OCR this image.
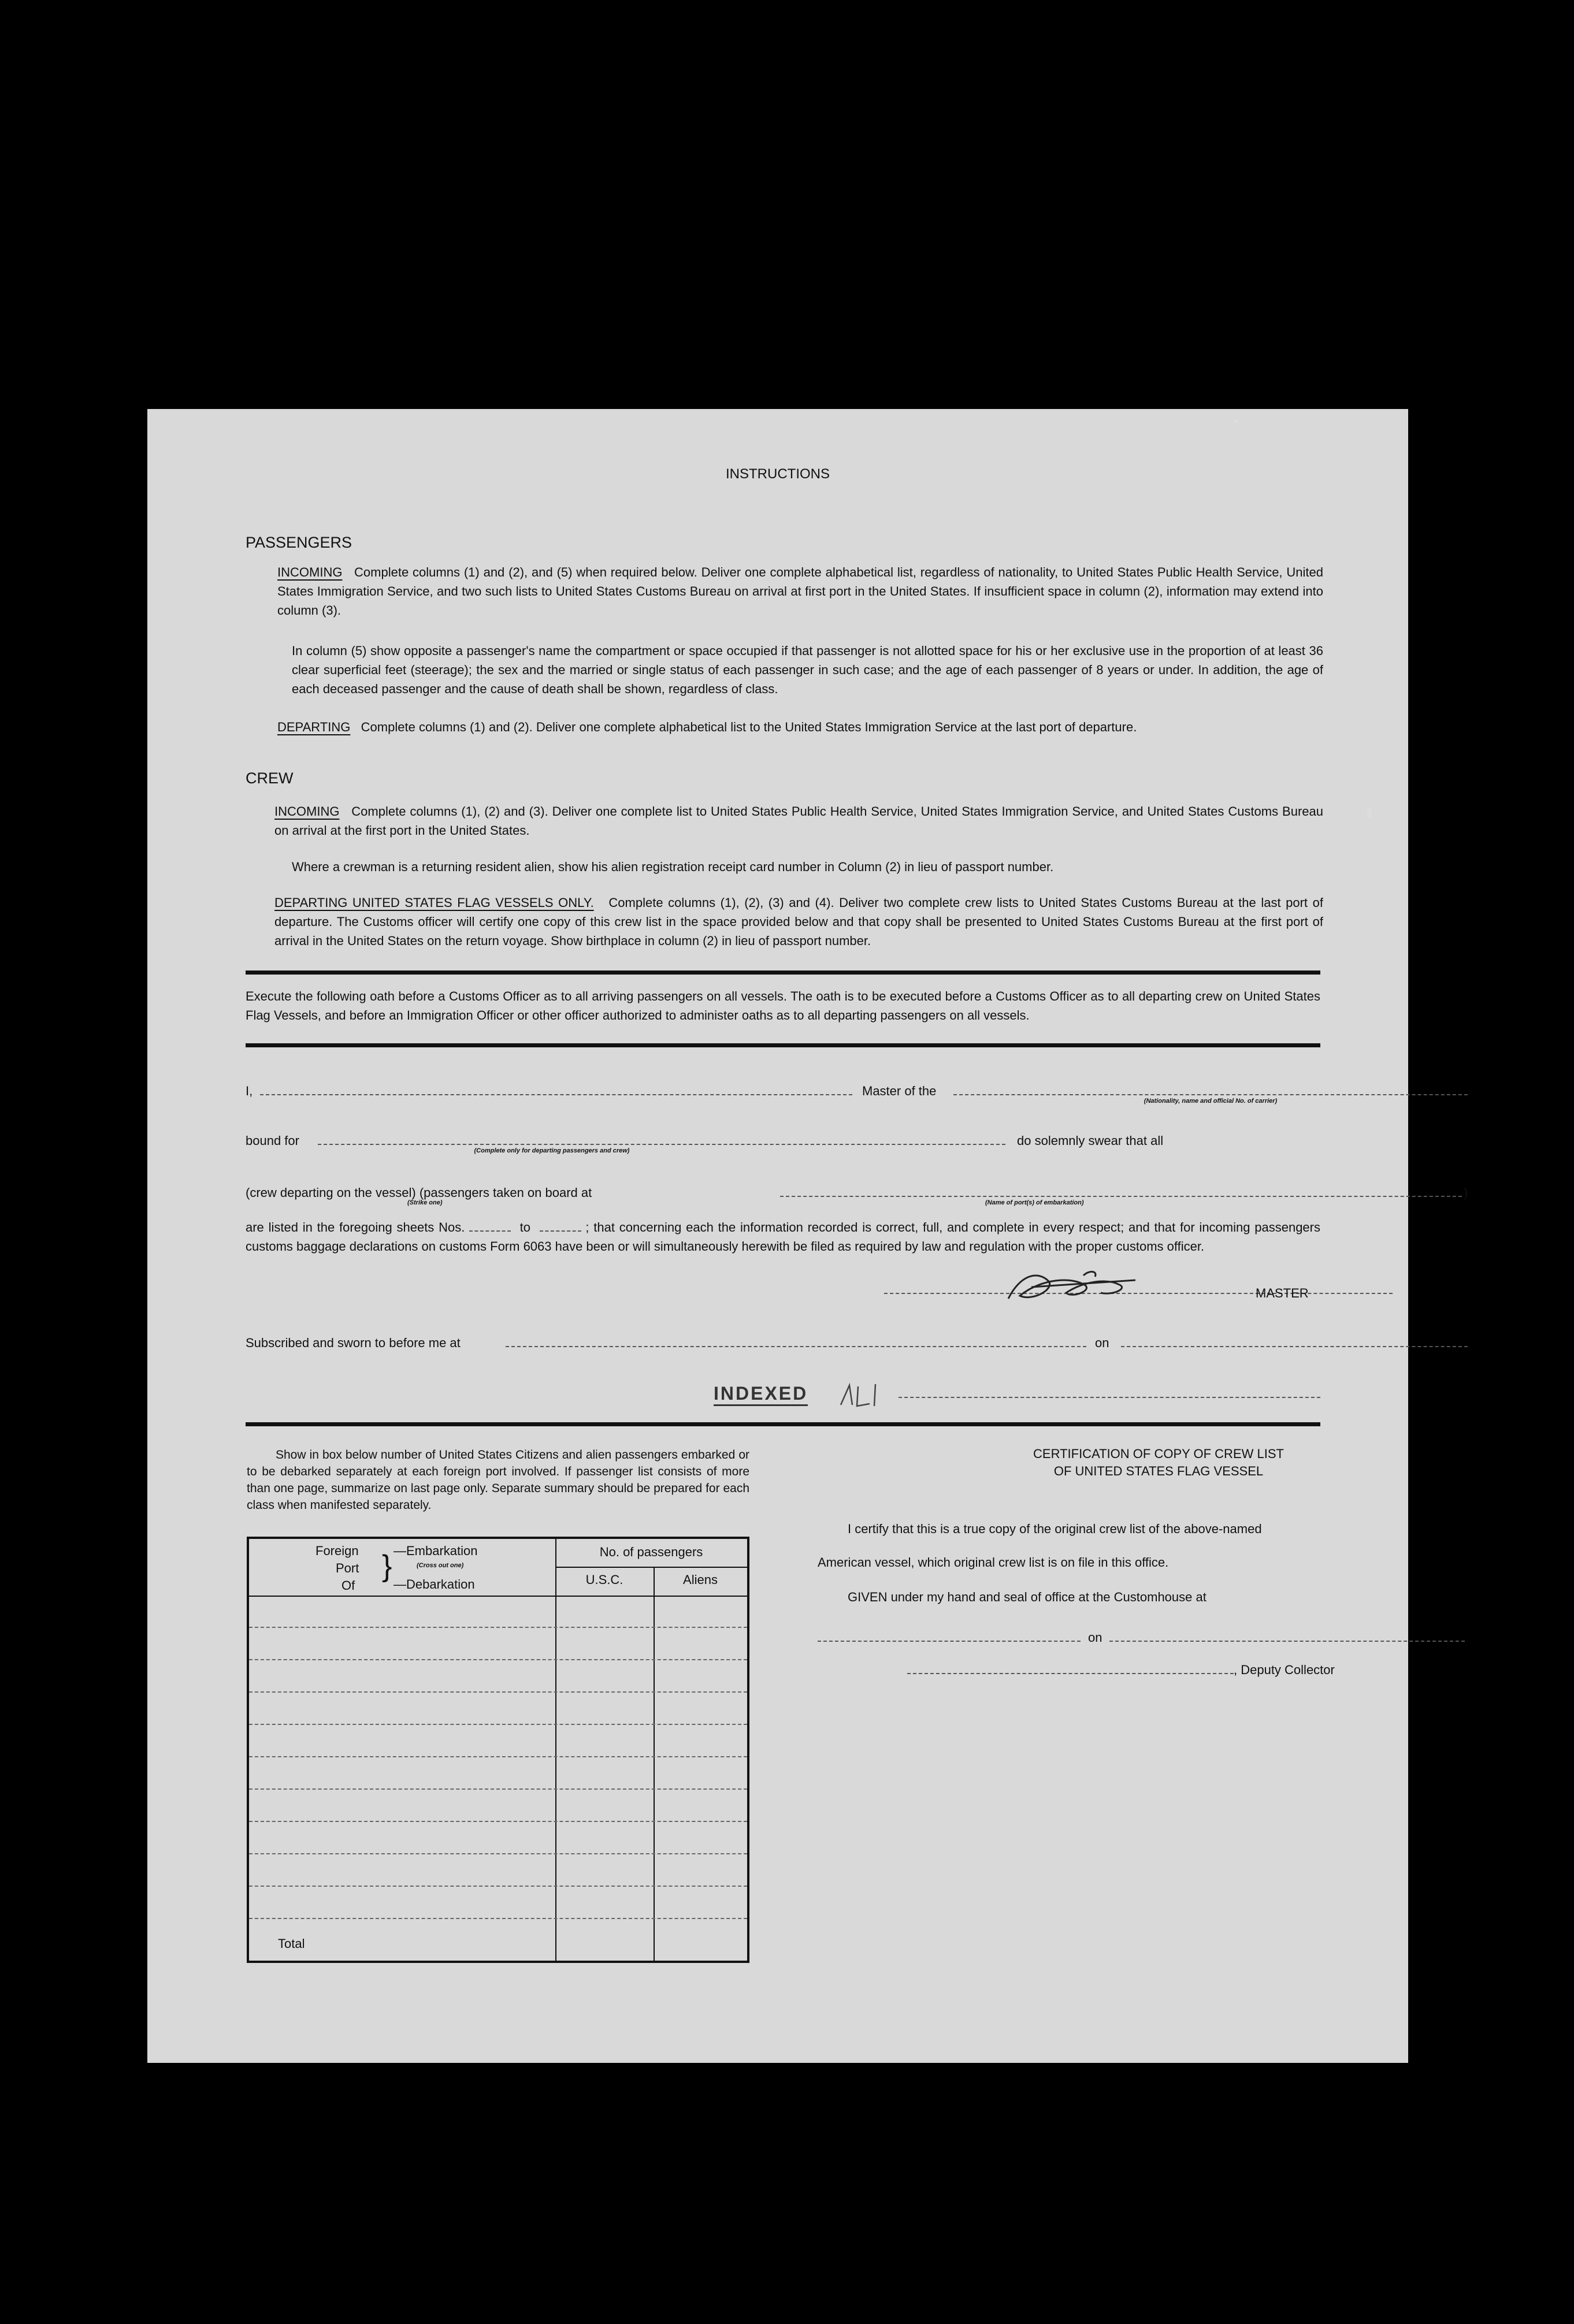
INSTRUCTIONS
PASSENGERS
INCOMING Complete columns (1) and (2), and (5) when required below. Deliver one complete alphabetical list, regardless of nationality, to United States Public Health Service, United States Immigration Service, and two such lists to United States Customs Bureau on arrival at first port in the United States. If insufficient space in column (2), information may extend into column (3).
In column (5) show opposite a passenger's name the compartment or space occupied if that passenger is not allotted space for his or her exclusive use in the proportion of at least 36 clear superficial feet (steerage); the sex and the married or single status of each passenger in such case; and the age of each passenger of 8 years or under. In addition, the age of each deceased passenger and the cause of death shall be shown, regardless of class.
DEPARTING Complete columns (1) and (2). Deliver one complete alphabetical list to the United States Immigration Service at the last port of departure.
CREW
INCOMING Complete columns (1), (2) and (3). Deliver one complete list to United States Public Health Service, United States Immigration Service, and United States Customs Bureau on arrival at the first port in the United States.
Where a crewman is a returning resident alien, show his alien registration receipt card number in Column (2) in lieu of passport number.
DEPARTING UNITED STATES FLAG VESSELS ONLY. Complete columns (1), (2), (3) and (4). Deliver two complete crew lists to United States Customs Bureau at the last port of departure. The Customs officer will certify one copy of this crew list in the space provided below and that copy shall be presented to United States Customs Bureau at the first port of arrival in the United States on the return voyage. Show birthplace in column (2) in lieu of passport number.
Execute the following oath before a Customs Officer as to all arriving passengers on all vessels. The oath is to be executed before a Customs Officer as to all departing crew on United States Flag Vessels, and before an Immigration Officer or other officer authorized to administer oaths as to all departing passengers on all vessels.
I,	Master of the
(Nationality, name and official No. of carrier)
bound for
(Complete only for departing passengers and crew)
do solemnly swear that all
(crew departing on the vessel) (passengers taken on board at	)
(Strike one)	(Name of port(s) of embarkation)
are listed in the foregoing sheets Nos.	to	; that concerning each the information recorded is correct, full, and complete in every respect; and that for incoming passengers customs baggage declarations on customs Form 6063 have been or will simultaneously herewith be filed as required by law and regulation with the proper customs officer.
MASTER
Subscribed and sworn to before me at	on
INDEXED
Show in box below number of United States Citizens and alien passengers embarked or to be debarked separately at each foreign port involved. If passenger list consists of more than one page, summarize on last page only. Separate summary should be prepared for each class when manifested separately.
Foreign
Port
Of
} —Embarkation
(Cross out one)
—Debarkation
No. of passengers
U.S.C.	Aliens
Total
CERTIFICATION OF COPY OF CREW LIST
OF UNITED STATES FLAG VESSEL
I certify that this is a true copy of the original crew list of the above-named
American vessel, which original crew list is on file in this office.
GIVEN under my hand and seal of office at the Customhouse at
on
, Deputy Collector
